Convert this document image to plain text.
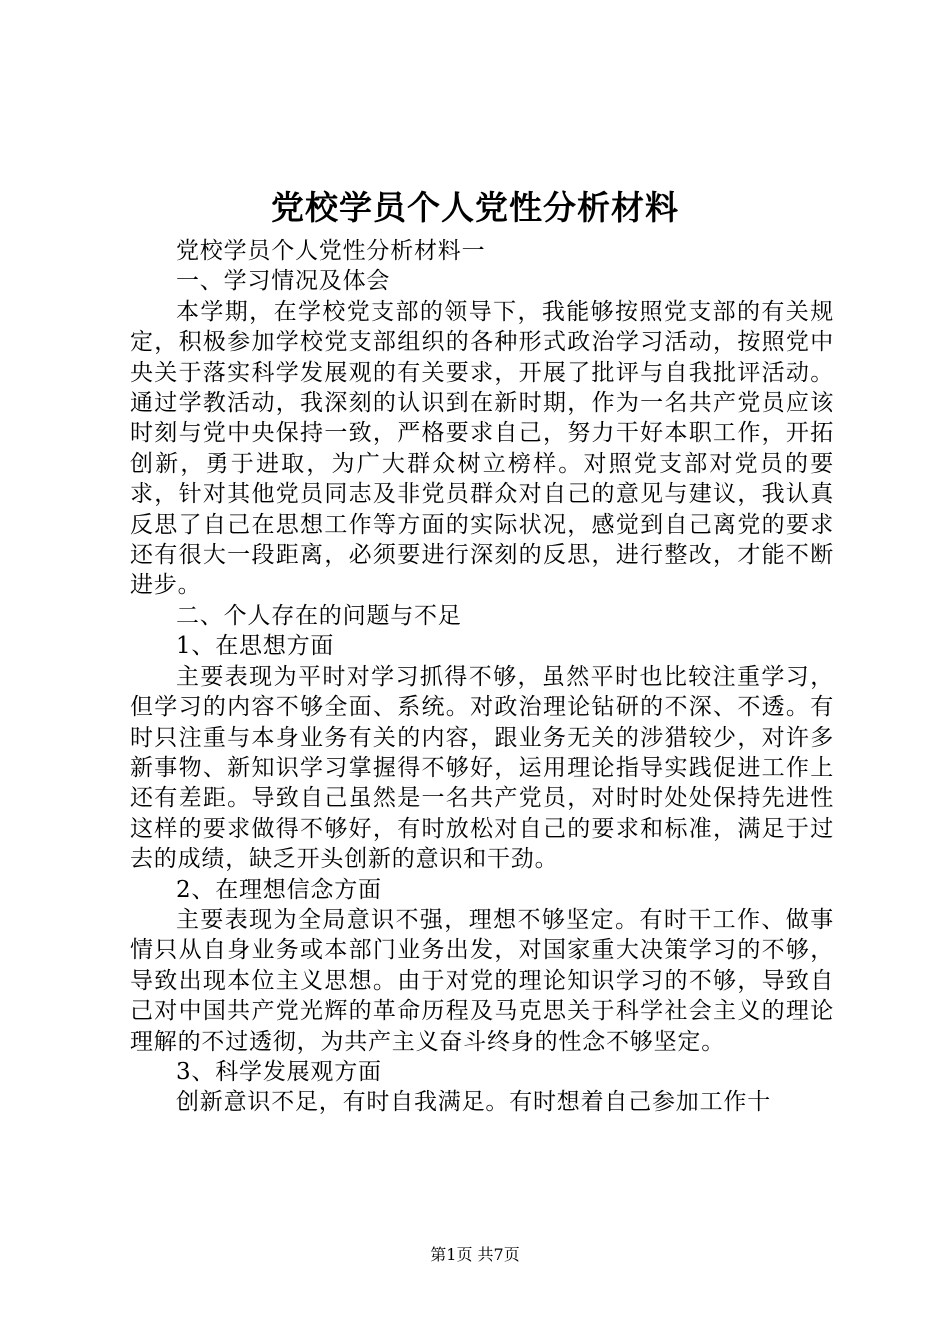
党校学员个人党性分析材料

党校学员个人党性分析材料一

一、学习情况及体会

本学期，在学校党支部的领导下，我能够按照党支部的有关规定，积极参加学校党支部组织的各种形式政治学习活动，按照党中央关于落实科学发展观的有关要求，开展了批评与自我批评活动。通过学教活动，我深刻的认识到在新时期，作为一名共产党员应该时刻与党中央保持一致，严格要求自己，努力干好本职工作，开拓创新，勇于进取，为广大群众树立榜样。对照党支部对党员的要求，针对其他党员同志及非党员群众对自己的意见与建议，我认真反思了自己在思想工作等方面的实际状况，感觉到自己离党的要求还有很大一段距离，必须要进行深刻的反思，进行整改，才能不断进步。

二、个人存在的问题与不足

1、在思想方面

主要表现为平时对学习抓得不够，虽然平时也比较注重学习，但学习的内容不够全面、系统。对政治理论钻研的不深、不透。有时只注重与本身业务有关的内容，跟业务无关的涉猎较少，对许多新事物、新知识学习掌握得不够好，运用理论指导实践促进工作上还有差距。导致自己虽然是一名共产党员，对时时处处保持先进性这样的要求做得不够好，有时放松对自己的要求和标准，满足于过去的成绩，缺乏开头创新的意识和干劲。

2、在理想信念方面

主要表现为全局意识不强，理想不够坚定。有时干工作、做事情只从自身业务或本部门业务出发，对国家重大决策学习的不够，导致出现本位主义思想。由于对党的理论知识学习的不够，导致自己对中国共产党光辉的革命历程及马克思关于科学社会主义的理论理解的不过透彻，为共产主义奋斗终身的性念不够坚定。

3、科学发展观方面

创新意识不足，有时自我满足。有时想着自己参加工作十

第1页 共7页
